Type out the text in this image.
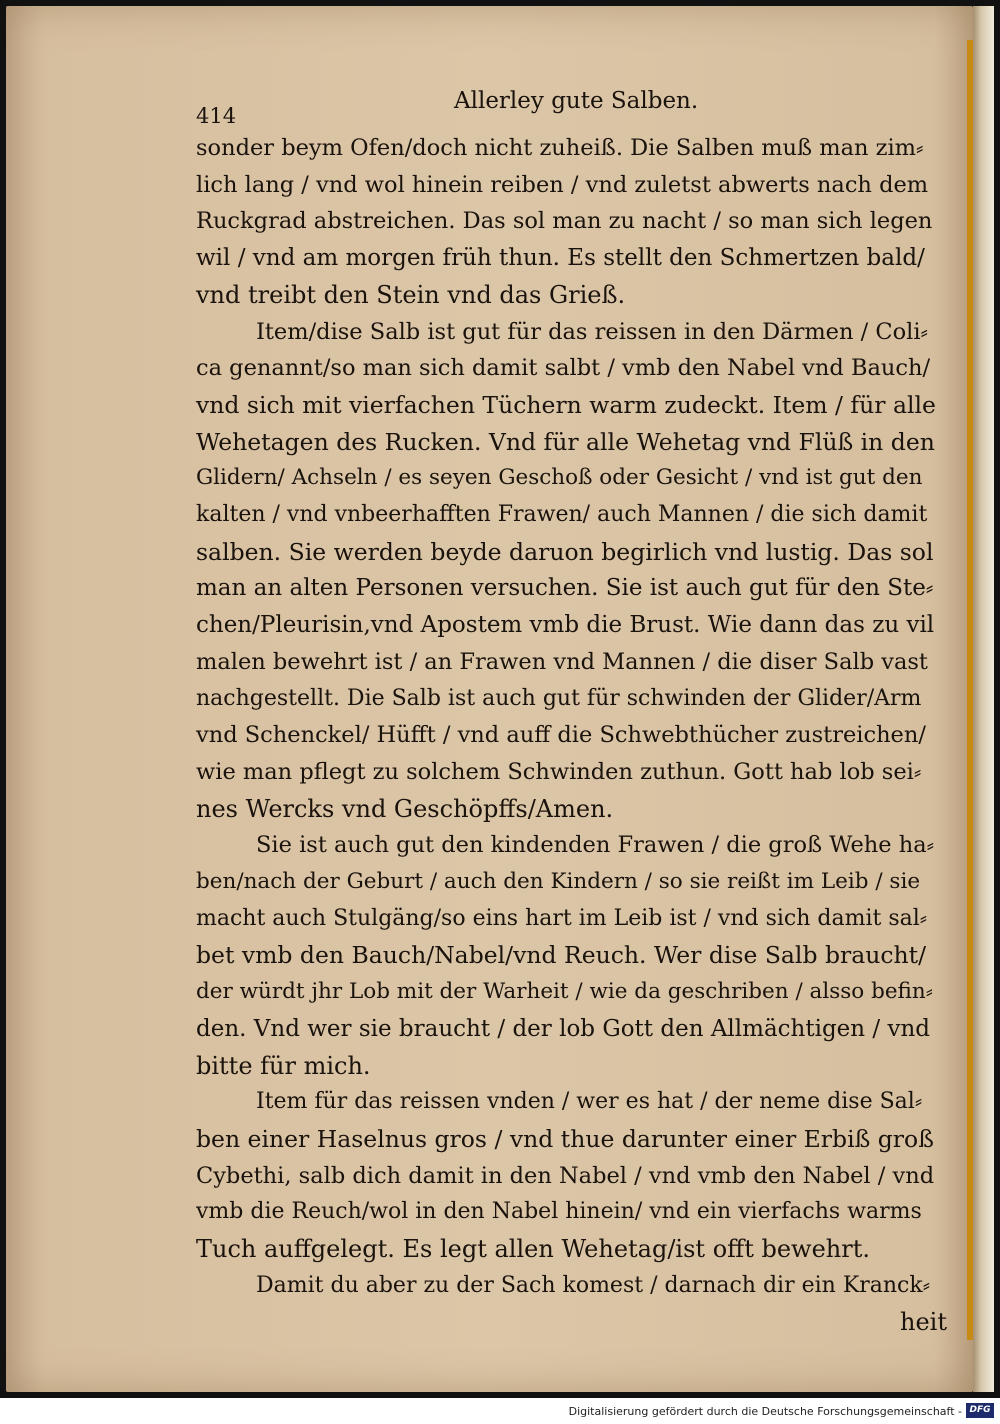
Allerley gute Salben.
414
sonder beym Ofen/doch nicht zuheiß. Die Salben muß man zim⸗
lich lang / vnd wol hinein reiben / vnd zuletst abwerts nach dem
Ruckgrad abstreichen. Das sol man zu nacht / so man sich legen
wil / vnd am morgen früh thun. Es stellt den Schmertzen bald/
vnd treibt den Stein vnd das Grieß.
Item/dise Salb ist gut für das reissen in den Därmen / Coli⸗
ca genannt/so man sich damit salbt / vmb den Nabel vnd Bauch/
vnd sich mit vierfachen Tüchern warm zudeckt. Item / für alle
Wehetagen des Rucken. Vnd für alle Wehetag vnd Flüß in den
Glidern/ Achseln / es seyen Geschoß oder Gesicht / vnd ist gut den
kalten / vnd vnbeerhafften Frawen/ auch Mannen / die sich damit
salben. Sie werden beyde daruon begirlich vnd lustig. Das sol
man an alten Personen versuchen. Sie ist auch gut für den Ste⸗
chen/Pleurisin,vnd Apostem vmb die Brust. Wie dann das zu vil
malen bewehrt ist / an Frawen vnd Mannen / die diser Salb vast
nachgestellt. Die Salb ist auch gut für schwinden der Glider/Arm
vnd Schenckel/ Hüfft / vnd auff die Schwebthücher zustreichen/
wie man pflegt zu solchem Schwinden zuthun. Gott hab lob sei⸗
nes Wercks vnd Geschöpffs/Amen.
Sie ist auch gut den kindenden Frawen / die groß Wehe ha⸗
ben/nach der Geburt / auch den Kindern / so sie reißt im Leib / sie
macht auch Stulgäng/so eins hart im Leib ist / vnd sich damit sal⸗
bet vmb den Bauch/Nabel/vnd Reuch. Wer dise Salb braucht/
der würdt jhr Lob mit der Warheit / wie da geschriben / alsso befin⸗
den. Vnd wer sie braucht / der lob Gott den Allmächtigen / vnd
bitte für mich.
Item für das reissen vnden / wer es hat / der neme dise Sal⸗
ben einer Haselnus gros / vnd thue darunter einer Erbiß groß
Cybethi, salb dich damit in den Nabel / vnd vmb den Nabel / vnd
vmb die Reuch/wol in den Nabel hinein/ vnd ein vierfachs warms
Tuch auffgelegt. Es legt allen Wehetag/ist offt bewehrt.
Damit du aber zu der Sach komest / darnach dir ein Kranck⸗
heit
Digitalisierung gefördert durch die Deutsche Forschungsgemeinschaft - DFG
